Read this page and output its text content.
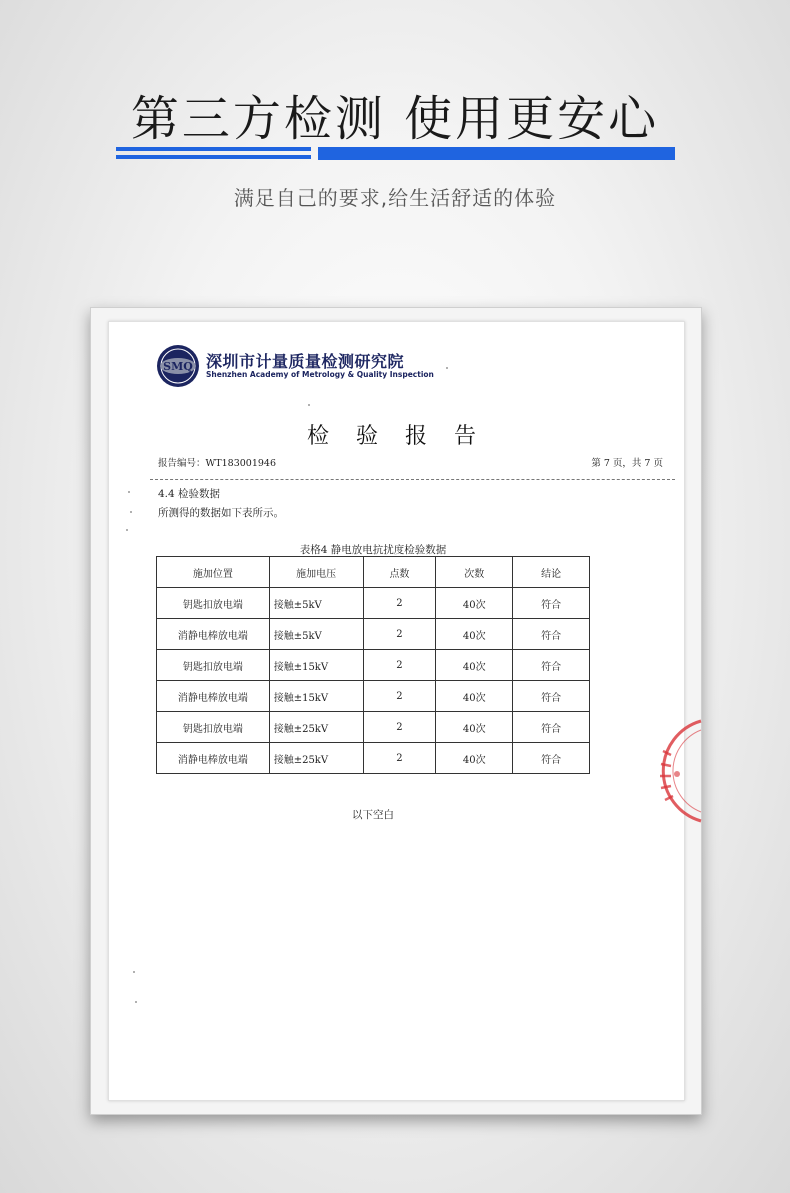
第三方检测 使用更安心
满足自己的要求,给生活舒适的体验
SMQ 深圳市计量质量检测研究院
Shenzhen Academy of Metrology & Quality Inspection
检 验 报 告
报告编号：WT183001946	第 7 页，共 7 页
4.4 检验数据
所测得的数据如下表所示。
表格4 静电放电抗扰度检验数据
施加位置	施加电压	点数	次数	结论
钥匙扣放电端	接触±5kV	2	40次	符合
消静电棒放电端	接触±5kV	2	40次	符合
钥匙扣放电端	接触±15kV	2	40次	符合
消静电棒放电端	接触±15kV	2	40次	符合
钥匙扣放电端	接触±25kV	2	40次	符合
消静电棒放电端	接触±25kV	2	40次	符合
以下空白
